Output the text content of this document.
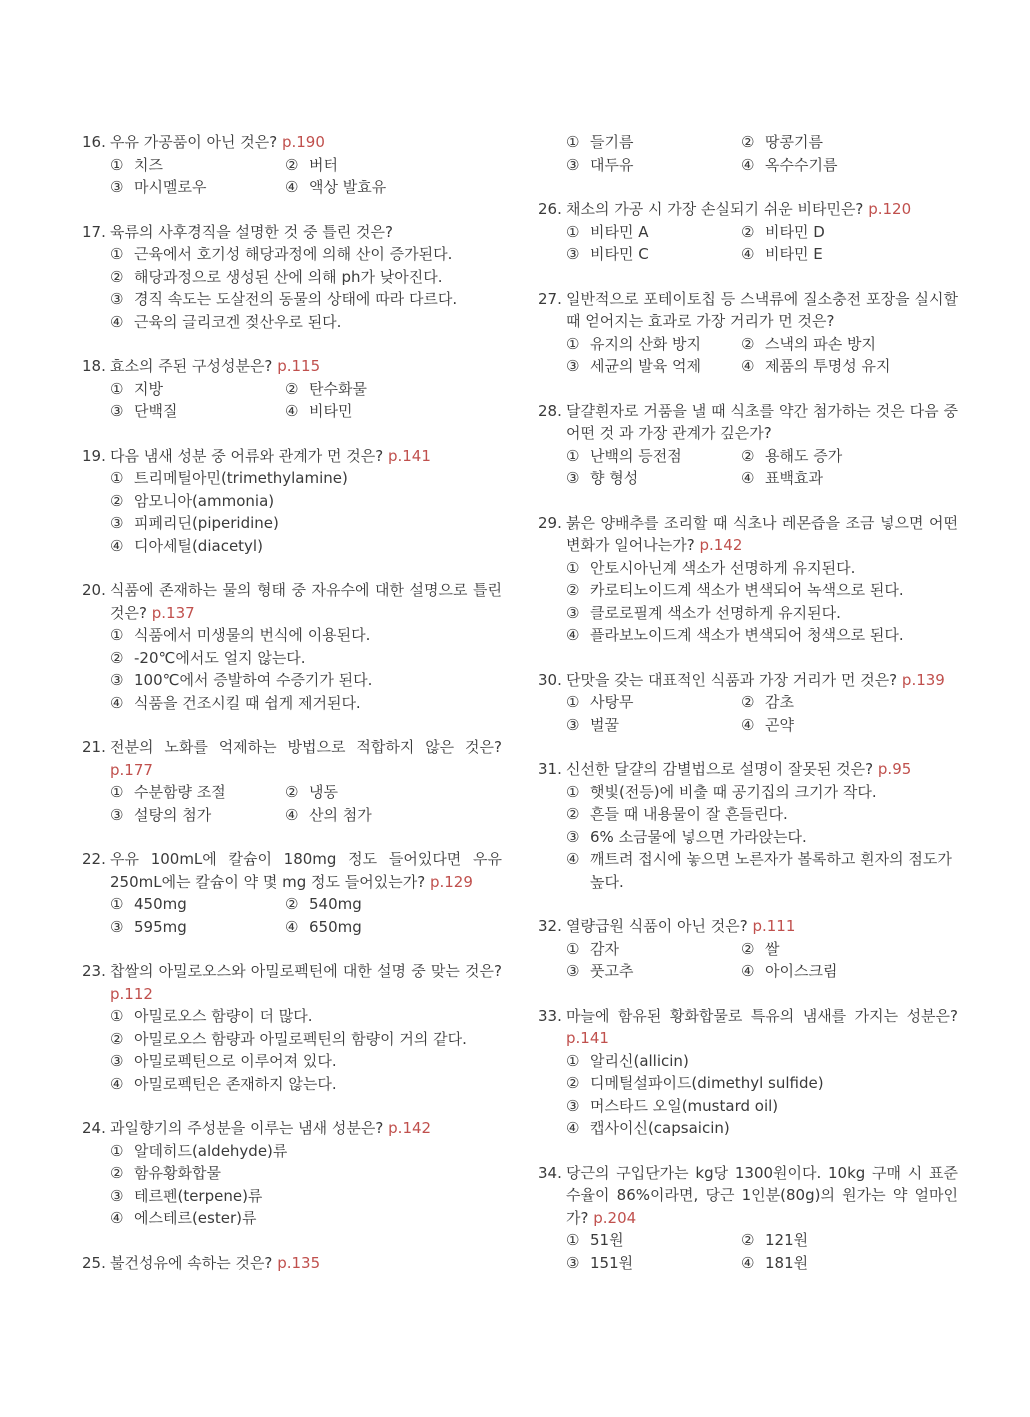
16. 우유 가공품이 아닌 것은? p.190
① 치즈	② 버터
③ 마시멜로우	④ 액상 발효유
17. 육류의 사후경직을 설명한 것 중 틀린 것은?
① 근육에서 호기성 해당과정에 의해 산이 증가된다.
② 해당과정으로 생성된 산에 의해 ph가 낮아진다.
③ 경직 속도는 도살전의 동물의 상태에 따라 다르다.
④ 근육의 글리코겐 젖산우로 된다.
18. 효소의 주된 구성성분은? p.115
① 지방	② 탄수화물
③ 단백질	④ 비타민
19. 다음 냄새 성분 중 어류와 관계가 먼 것은? p.141
① 트리메틸아민(trimethylamine)
② 암모니아(ammonia)
③ 피페리딘(piperidine)
④ 디아세틸(diacetyl)
20. 식품에 존재하는 물의 형태 중 자유수에 대한 설명으로 틀린 것은? p.137
① 식품에서 미생물의 번식에 이용된다.
② -20℃에서도 얼지 않는다.
③ 100℃에서 증발하여 수증기가 된다.
④ 식품을 건조시킬 때 쉽게 제거된다.
21. 전분의 노화를 억제하는 방법으로 적합하지 않은 것은? p.177
① 수분함량 조절	② 냉동
③ 설탕의 첨가	④ 산의 첨가
22. 우유 100mL에 칼슘이 180mg 정도 들어있다면 우유 250mL에는 칼슘이 약 몇 mg 정도 들어있는가? p.129
① 450mg	② 540mg
③ 595mg	④ 650mg
23. 찹쌀의 아밀로오스와 아밀로펙틴에 대한 설명 중 맞는 것은? p.112
① 아밀로오스 함량이 더 많다.
② 아밀로오스 함량과 아밀로펙틴의 함량이 거의 같다.
③ 아밀로펙틴으로 이루어져 있다.
④ 아밀로펙틴은 존재하지 않는다.
24. 과일향기의 주성분을 이루는 냄새 성분은? p.142
① 알데히드(aldehyde)류
② 함유황화합물
③ 테르펜(terpene)류
④ 에스테르(ester)류
25. 불건성유에 속하는 것은? p.135
① 들기름	② 땅콩기름
③ 대두유	④ 옥수수기름
26. 채소의 가공 시 가장 손실되기 쉬운 비타민은? p.120
① 비타민 A	② 비타민 D
③ 비타민 C	④ 비타민 E
27. 일반적으로 포테이토칩 등 스낵류에 질소충전 포장을 실시할 때 얻어지는 효과로 가장 거리가 먼 것은?
① 유지의 산화 방지	② 스낵의 파손 방지
③ 세균의 발육 억제	④ 제품의 투명성 유지
28. 달걀흰자로 거품을 낼 때 식초를 약간 첨가하는 것은 다음 중 어떤 것 과 가장 관계가 깊은가?
① 난백의 등전점	② 용해도 증가
③ 향 형성	④ 표백효과
29. 붉은 양배추를 조리할 때 식초나 레몬즙을 조금 넣으면 어떤 변화가 일어나는가? p.142
① 안토시아닌계 색소가 선명하게 유지된다.
② 카로티노이드계 색소가 변색되어 녹색으로 된다.
③ 클로로필계 색소가 선명하게 유지된다.
④ 플라보노이드계 색소가 변색되어 청색으로 된다.
30. 단맛을 갖는 대표적인 식품과 가장 거리가 먼 것은? p.139
① 사탕무	② 감초
③ 벌꿀	④ 곤약
31. 신선한 달걀의 감별법으로 설명이 잘못된 것은? p.95
① 햇빛(전등)에 비출 때 공기집의 크기가 작다.
② 흔들 때 내용물이 잘 흔들린다.
③ 6% 소금물에 넣으면 가라앉는다.
④ 깨트려 접시에 놓으면 노른자가 볼록하고 흰자의 점도가 높다.
32. 열량급원 식품이 아닌 것은? p.111
① 감자	② 쌀
③ 풋고추	④ 아이스크림
33. 마늘에 함유된 황화합물로 특유의 냄새를 가지는 성분은? p.141
① 알리신(allicin)
② 디메틸설파이드(dimethyl sulfide)
③ 머스타드 오일(mustard oil)
④ 캡사이신(capsaicin)
34. 당근의 구입단가는 kg당 1300원이다. 10kg 구매 시 표준수율이 86%이라면, 당근 1인분(80g)의 원가는 약 얼마인가? p.204
① 51원	② 121원
③ 151원	④ 181원
